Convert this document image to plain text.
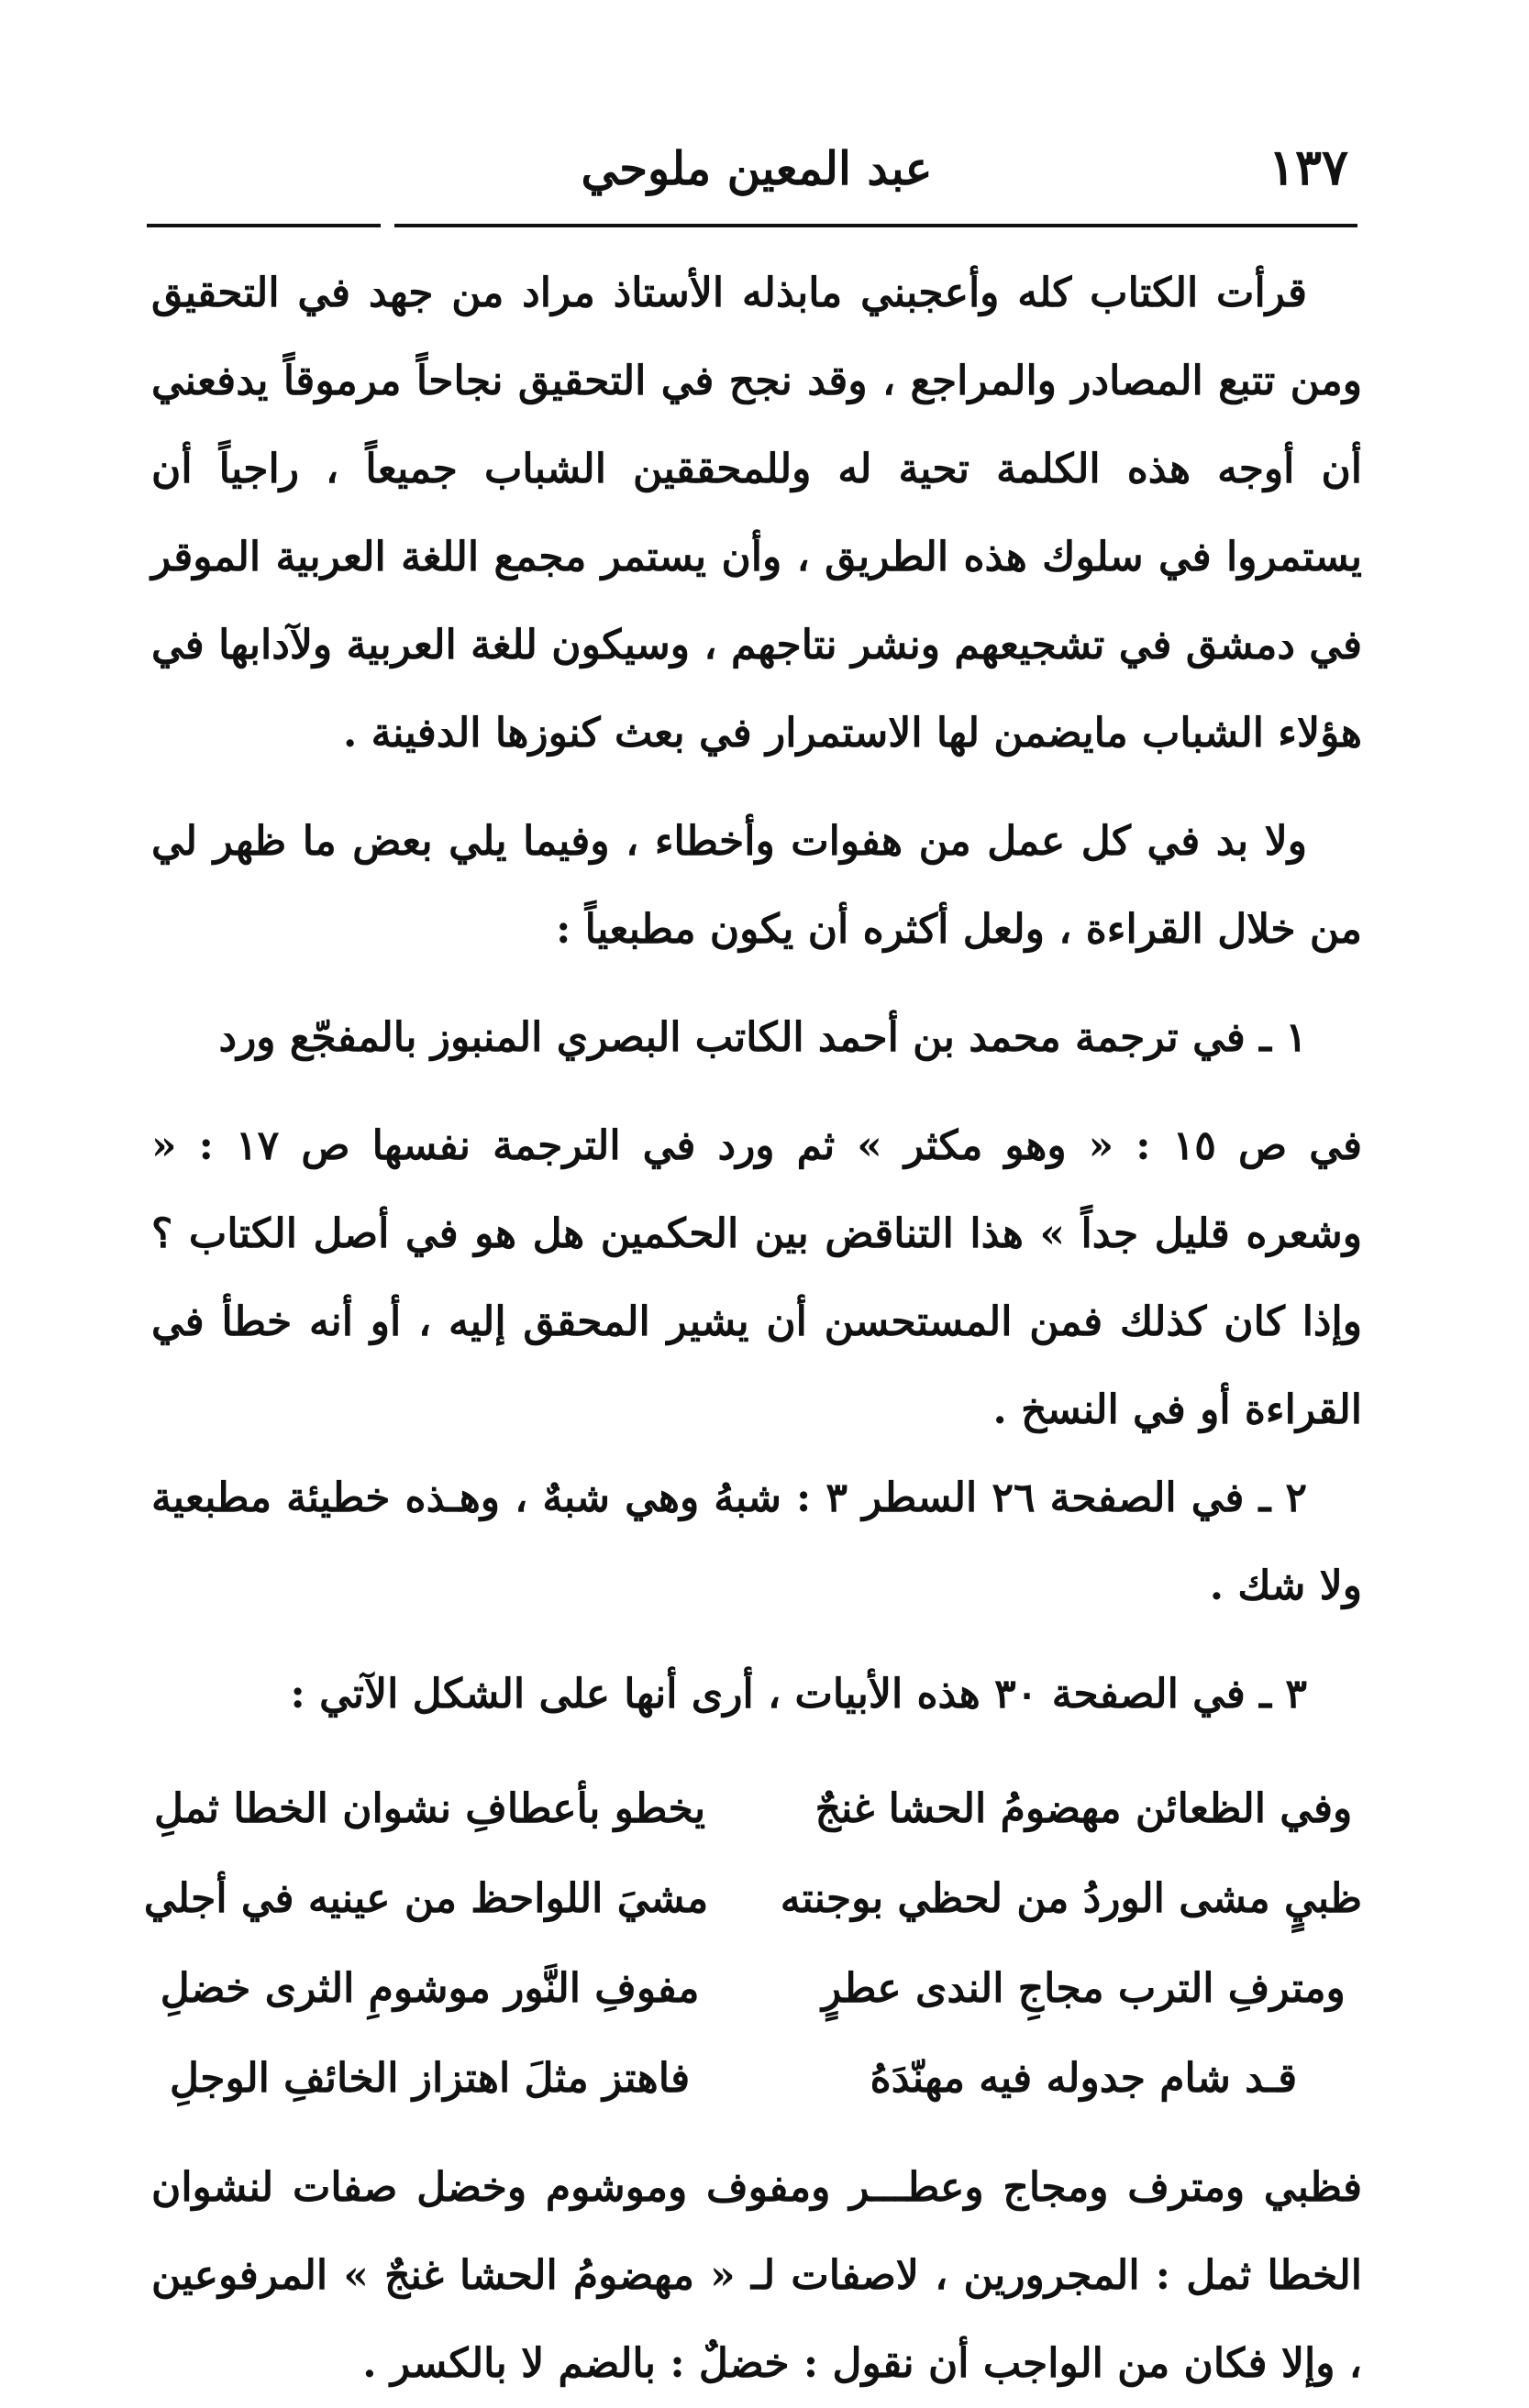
١٣٧
عبد المعين ملوحي

قرأت الكتاب كله وأعجبني مابذله الأستاذ مراد من جهد في التحقيق ومن تتبع المصادر والمراجع ، وقد نجح في التحقيق نجاحاً مرموقاً يدفعني أن أوجه هذه الكلمة تحية له وللمحققين الشباب جميعاً ، راجياً أن يستمروا في سلوك هذه الطريق ، وأن يستمر مجمع اللغة العربية الموقر في دمشق في تشجيعهم ونشر نتاجهم ، وسيكون للغة العربية ولآدابها في هؤلاء الشباب مايضمن لها الاستمرار في بعث كنوزها الدفينة .

ولا بد في كل عمل من هفوات وأخطاء ، وفيما يلي بعض ما ظهر لي من خلال القراءة ، ولعل أكثره أن يكون مطبعياً :

١ ـ في ترجمة محمد بن أحمد الكاتب البصري المنبوز بالمفجّع ورد

في ص ١٥ : « وهو مكثر » ثم ورد في الترجمة نفسها ص ١٧ : « وشعره قليل جداً » هذا التناقض بين الحكمين هل هو في أصل الكتاب ؟ وإذا كان كذلك فمن المستحسن أن يشير المحقق إليه ، أو أنه خطأ في القراءة أو في النسخ .

٢ ـ في الصفحة ٢٦ السطر ٣ : شبهُ وهي شبهٌ ، وهـذه خطيئة مطبعية ولا شك .

٣ ـ في الصفحة ٣٠ هذه الأبيات ، أرى أنها على الشكل الآتي :

وفي الظعائن مهضومُ الحشا غنجٌ
يخطو بأعطافِ نشوان الخطا ثملِ
ظبيٍ مشى الوردُ من لحظي بوجنته
مشيَ اللواحظ من عينيه في أجلي
ومترفِ الترب مجاجِ الندى عطرٍ
مفوفِ النَّور موشومِ الثرى خضلِ
قـد شام جدوله فيه مهنّدَهُ
فاهتز مثلَ اهتزاز الخائفِ الوجلِ

فظبي ومترف ومجاج وعطـــر ومفوف وموشوم وخضل صفات لنشوان الخطا ثمل : المجرورين ، لاصفات لـ « مهضومُ الحشا غنجٌ » المرفوعين ، وإلا فكان من الواجب أن نقول : خضلٌ : بالضم لا بالكسر .
